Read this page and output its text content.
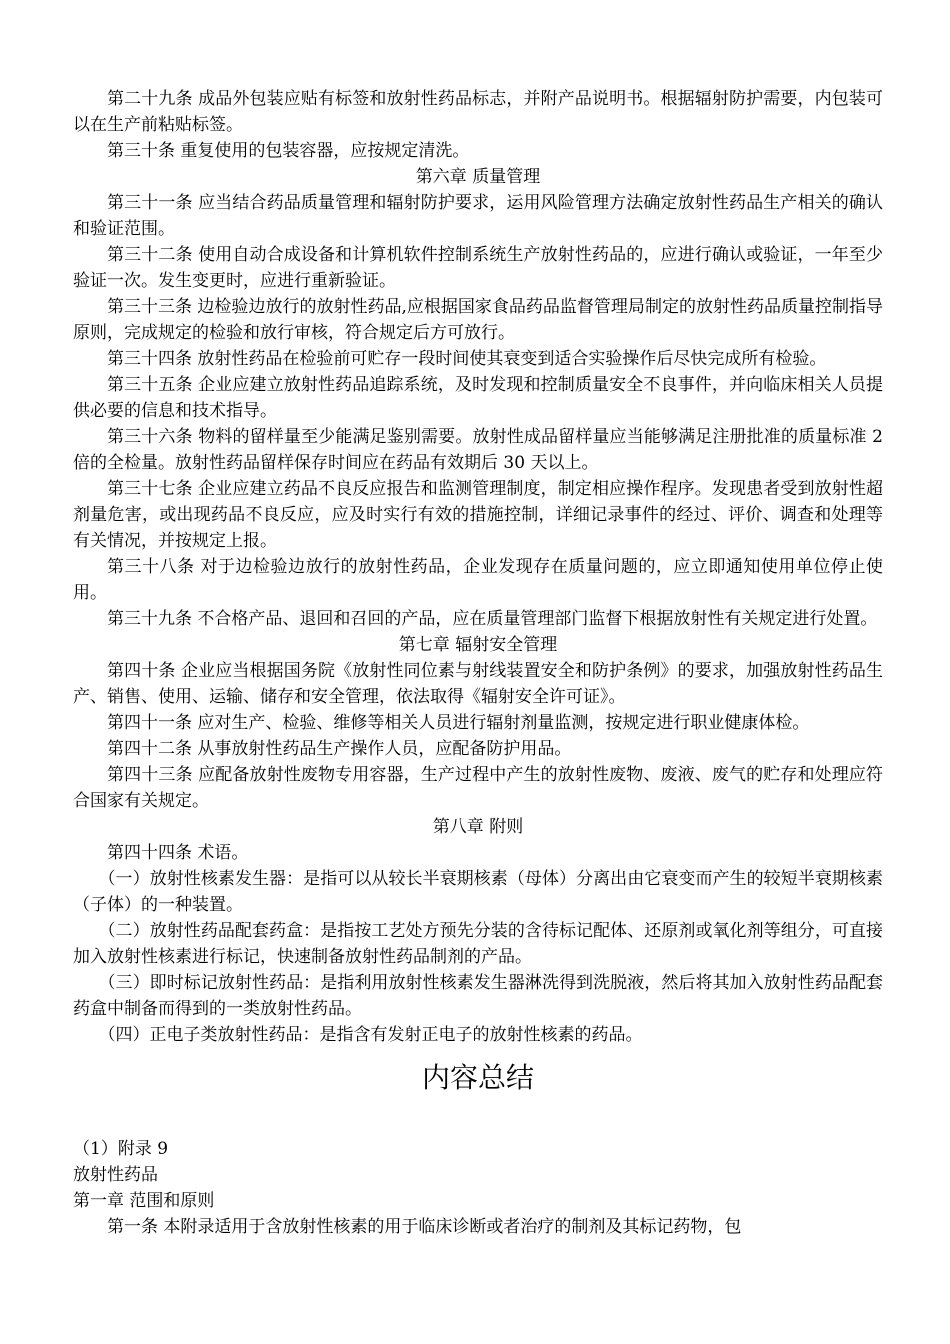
第二十九条 成品外包装应贴有标签和放射性药品标志，并附产品说明书。根据辐射防护需要，内包装可以在生产前粘贴标签。

第三十条 重复使用的包装容器，应按规定清洗。

第六章 质量管理

第三十一条 应当结合药品质量管理和辐射防护要求，运用风险管理方法确定放射性药品生产相关的确认和验证范围。

第三十二条 使用自动合成设备和计算机软件控制系统生产放射性药品的，应进行确认或验证，一年至少验证一次。发生变更时，应进行重新验证。

第三十三条 边检验边放行的放射性药品,应根据国家食品药品监督管理局制定的放射性药品质量控制指导原则，完成规定的检验和放行审核，符合规定后方可放行。

第三十四条 放射性药品在检验前可贮存一段时间使其衰变到适合实验操作后尽快完成所有检验。

第三十五条 企业应建立放射性药品追踪系统，及时发现和控制质量安全不良事件，并向临床相关人员提供必要的信息和技术指导。

第三十六条 物料的留样量至少能满足鉴别需要。放射性成品留样量应当能够满足注册批准的质量标准 2 倍的全检量。放射性药品留样保存时间应在药品有效期后 30 天以上。

第三十七条 企业应建立药品不良反应报告和监测管理制度，制定相应操作程序。发现患者受到放射性超剂量危害，或出现药品不良反应，应及时实行有效的措施控制，详细记录事件的经过、评价、调查和处理等有关情况，并按规定上报。

第三十八条 对于边检验边放行的放射性药品，企业发现存在质量问题的，应立即通知使用单位停止使用。

第三十九条 不合格产品、退回和召回的产品，应在质量管理部门监督下根据放射性有关规定进行处置。

第七章 辐射安全管理

第四十条 企业应当根据国务院《放射性同位素与射线装置安全和防护条例》的要求，加强放射性药品生产、销售、使用、运输、储存和安全管理，依法取得《辐射安全许可证》。

第四十一条 应对生产、检验、维修等相关人员进行辐射剂量监测，按规定进行职业健康体检。

第四十二条 从事放射性药品生产操作人员，应配备防护用品。

第四十三条 应配备放射性废物专用容器，生产过程中产生的放射性废物、废液、废气的贮存和处理应符合国家有关规定。

第八章 附则

第四十四条 术语。

（一）放射性核素发生器：是指可以从较长半衰期核素（母体）分离出由它衰变而产生的较短半衰期核素（子体）的一种装置。

（二）放射性药品配套药盒：是指按工艺处方预先分装的含待标记配体、还原剂或氧化剂等组分，可直接加入放射性核素进行标记，快速制备放射性药品制剂的产品。

（三）即时标记放射性药品：是指利用放射性核素发生器淋洗得到洗脱液，然后将其加入放射性药品配套药盒中制备而得到的一类放射性药品。

（四）正电子类放射性药品：是指含有发射正电子的放射性核素的药品。

内容总结

（1）附录 9

放射性药品

第一章 范围和原则

第一条 本附录适用于含放射性核素的用于临床诊断或者治疗的制剂及其标记药物，包
